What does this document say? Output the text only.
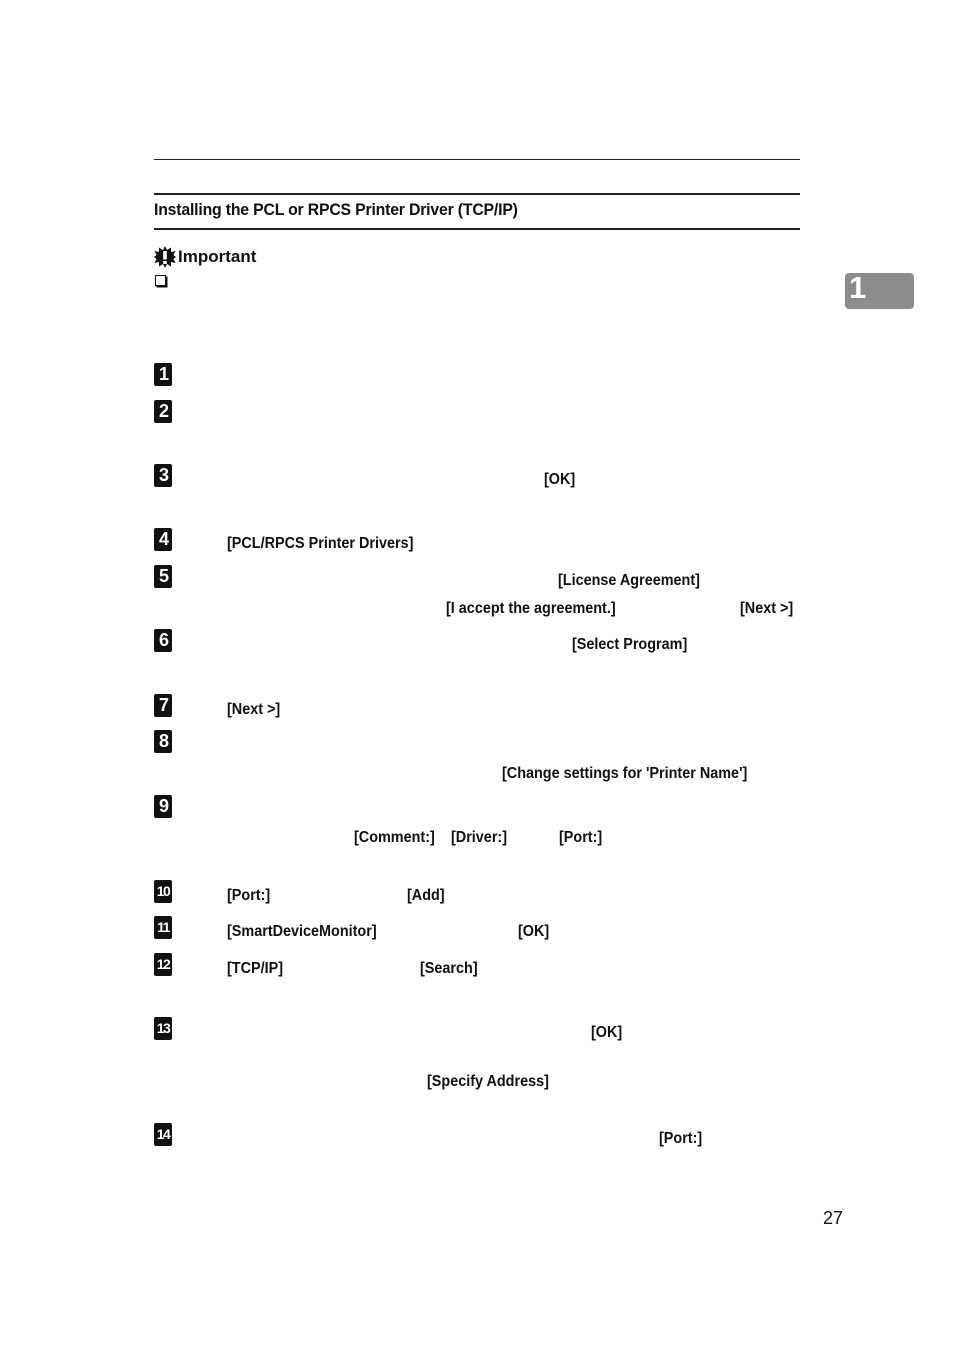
Installing the PCL or RPCS Printer Driver (TCP/IP)
Important
1
1
2
3	[OK]
4	[PCL/RPCS Printer Drivers]
5	[License Agreement]
[I accept the agreement.]	[Next >]
6	[Select Program]
7	[Next >]
8
[Change settings for 'Printer Name']
9
[Comment:] [Driver:]	[Port:]
10	[Port:]	[Add]
11	[SmartDeviceMonitor]	[OK]
12	[TCP/IP]	[Search]
13	[OK]
[Specify Address]
14	[Port:]
27
